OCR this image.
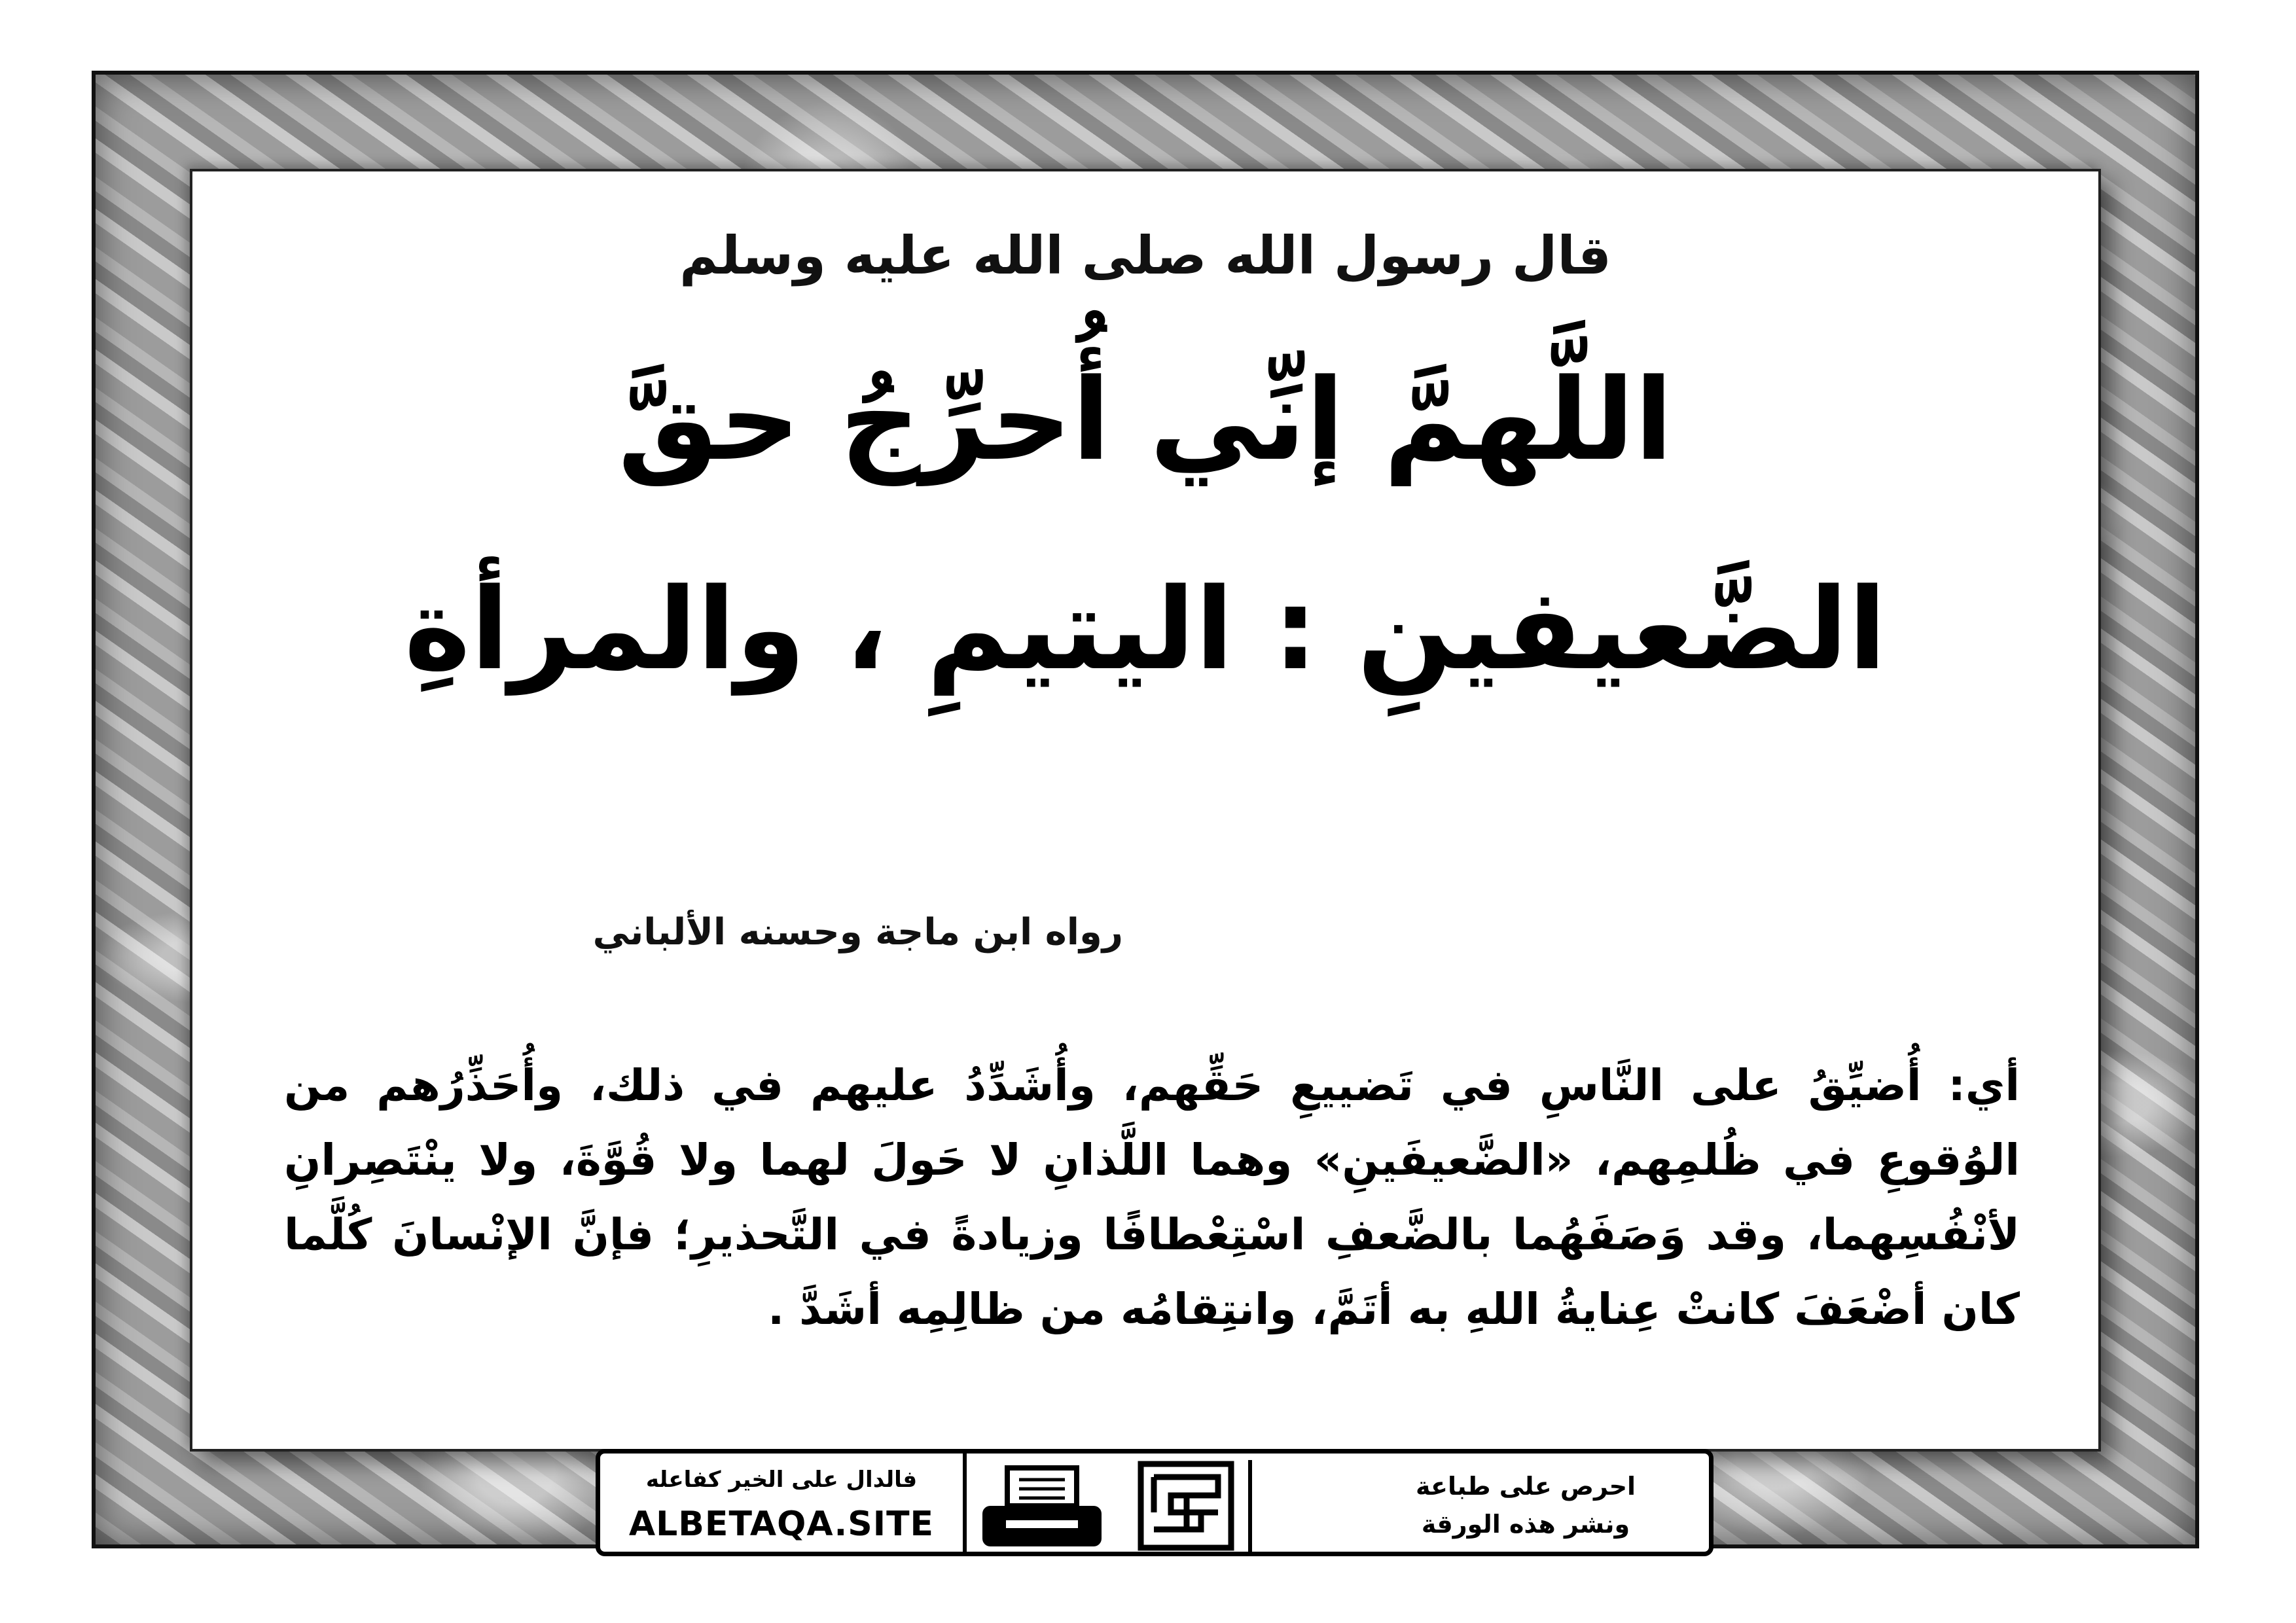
قال رسول الله صلى الله عليه وسلم
اللَّهمَّ إنِّي أُحرِّجُ حقَّ
الضَّعيفينِ : اليتيمِ ، والمرأةِ
رواه ابن ماجة وحسنه الألباني
أي: أُضيِّقُ على النَّاسِ في تَضييعِ حَقِّهم، وأُشَدِّدُ عليهم في ذلك، وأُحَذِّرُهم من الوُقوعِ في ظُلمِهم، «الضَّعيفَينِ» وهما اللَّذانِ لا حَولَ لهما ولا قُوَّةَ، ولا ينْتَصِرانِ لأنْفُسِهما، وقد وَصَفَهُما بالضَّعفِ اسْتِعْطافًا وزيادةً في التَّحذيرِ؛ فإنَّ الإنْسانَ كُلَّما كان أضْعَفَ كانتْ عِنايةُ اللهِ به أتَمَّ، وانتِقامُه من ظالِمِه أشَدَّ .
فالدال على الخير كفاعله
ALBETAQA.SITE
احرص على طباعة
ونشر هذه الورقة
